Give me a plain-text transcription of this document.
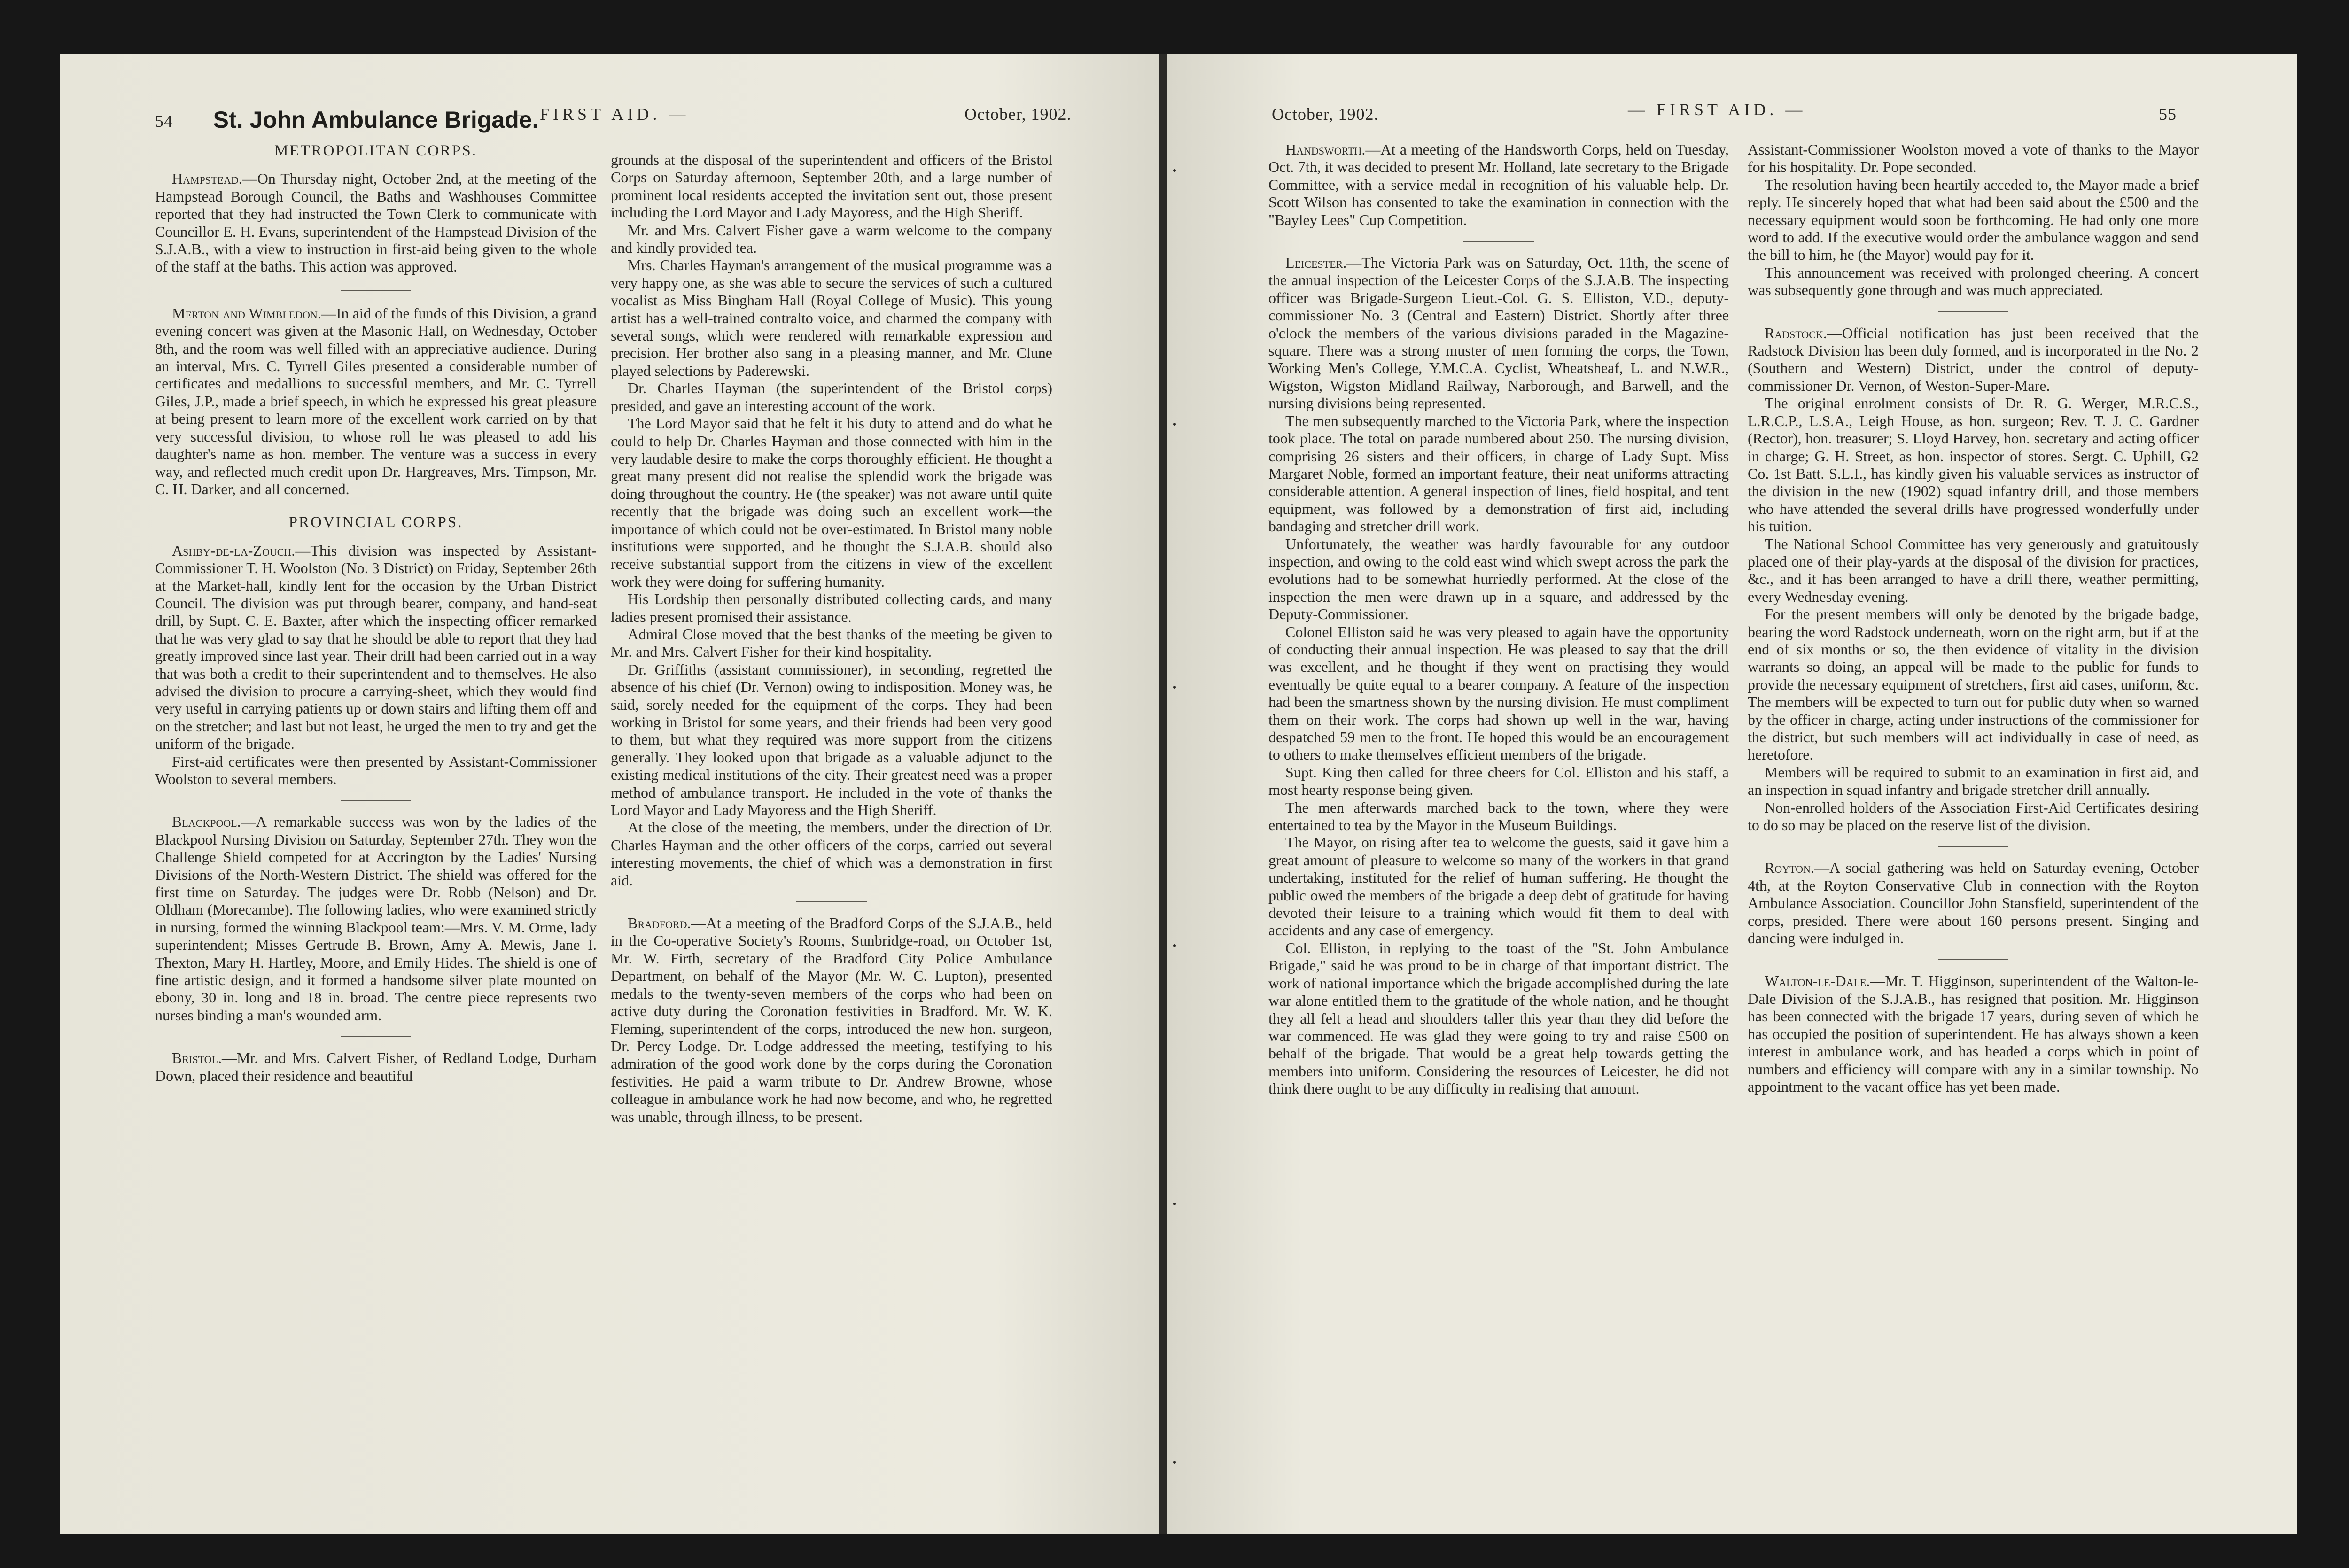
54	— FIRST AID. —	October, 1902.
St. John Ambulance Brigade.
METROPOLITAN CORPS.

Hampstead.—On Thursday night, October 2nd, at the meeting of the Hampstead Borough Council, the Baths and Washhouses Committee reported that they had instructed the Town Clerk to communicate with Councillor E. H. Evans, superintendent of the Hampstead Division of the S.J.A.B., with a view to instruction in first-aid being given to the whole of the staff at the baths. This action was approved.

Merton and Wimbledon.—In aid of the funds of this Division, a grand evening concert was given at the Masonic Hall, on Wednesday, October 8th, and the room was well filled with an appreciative audience. During an interval, Mrs. C. Tyrrell Giles presented a considerable number of certificates and medallions to successful members, and Mr. C. Tyrrell Giles, J.P., made a brief speech, in which he expressed his great pleasure at being present to learn more of the excellent work carried on by that very successful division, to whose roll he was pleased to add his daughter's name as hon. member. The venture was a success in every way, and reflected much credit upon Dr. Hargreaves, Mrs. Timpson, Mr. C. H. Darker, and all concerned.

PROVINCIAL CORPS.

Ashby-de-la-Zouch.—This division was inspected by Assistant-Commissioner T. H. Woolston (No. 3 District) on Friday, September 26th at the Market-hall, kindly lent for the occasion by the Urban District Council. The division was put through bearer, company, and hand-seat drill, by Supt. C. E. Baxter, after which the inspecting officer remarked that he was very glad to say that he should be able to report that they had greatly improved since last year. Their drill had been carried out in a way that was both a credit to their superintendent and to themselves. He also advised the division to procure a carrying-sheet, which they would find very useful in carrying patients up or down stairs and lifting them off and on the stretcher; and last but not least, he urged the men to try and get the uniform of the brigade.

First-aid certificates were then presented by Assistant-Commissioner Woolston to several members.

Blackpool.—A remarkable success was won by the ladies of the Blackpool Nursing Division on Saturday, September 27th. They won the Challenge Shield competed for at Accrington by the Ladies' Nursing Divisions of the North-Western District. The shield was offered for the first time on Saturday. The judges were Dr. Robb (Nelson) and Dr. Oldham (Morecambe). The following ladies, who were examined strictly in nursing, formed the winning Blackpool team:—Mrs. V. M. Orme, lady superintendent; Misses Gertrude B. Brown, Amy A. Mewis, Jane I. Thexton, Mary H. Hartley, Moore, and Emily Hides. The shield is one of fine artistic design, and it formed a handsome silver plate mounted on ebony, 30 in. long and 18 in. broad. The centre piece represents two nurses binding a man's wounded arm.

Bristol.—Mr. and Mrs. Calvert Fisher, of Redland Lodge, Durham Down, placed their residence and beautiful

grounds at the disposal of the superintendent and officers of the Bristol Corps on Saturday afternoon, September 20th, and a large number of prominent local residents accepted the invitation sent out, those present including the Lord Mayor and Lady Mayoress, and the High Sheriff.

Mr. and Mrs. Calvert Fisher gave a warm welcome to the company and kindly provided tea.

Mrs. Charles Hayman's arrangement of the musical programme was a very happy one, as she was able to secure the services of such a cultured vocalist as Miss Bingham Hall (Royal College of Music). This young artist has a well-trained contralto voice, and charmed the company with several songs, which were rendered with remarkable expression and precision. Her brother also sang in a pleasing manner, and Mr. Clune played selections by Paderewski.

Dr. Charles Hayman (the superintendent of the Bristol corps) presided, and gave an interesting account of the work.

The Lord Mayor said that he felt it his duty to attend and do what he could to help Dr. Charles Hayman and those connected with him in the very laudable desire to make the corps thoroughly efficient. He thought a great many present did not realise the splendid work the brigade was doing throughout the country. He (the speaker) was not aware until quite recently that the brigade was doing such an excellent work—the importance of which could not be over-estimated. In Bristol many noble institutions were supported, and he thought the S.J.A.B. should also receive substantial support from the citizens in view of the excellent work they were doing for suffering humanity.

His Lordship then personally distributed collecting cards, and many ladies present promised their assistance.

Admiral Close moved that the best thanks of the meeting be given to Mr. and Mrs. Calvert Fisher for their kind hospitality.

Dr. Griffiths (assistant commissioner), in seconding, regretted the absence of his chief (Dr. Vernon) owing to indisposition. Money was, he said, sorely needed for the equipment of the corps. They had been working in Bristol for some years, and their friends had been very good to them, but what they required was more support from the citizens generally. They looked upon that brigade as a valuable adjunct to the existing medical institutions of the city. Their greatest need was a proper method of ambulance transport. He included in the vote of thanks the Lord Mayor and Lady Mayoress and the High Sheriff.

At the close of the meeting, the members, under the direction of Dr. Charles Hayman and the other officers of the corps, carried out several interesting movements, the chief of which was a demonstration in first aid.

Bradford.—At a meeting of the Bradford Corps of the S.J.A.B., held in the Co-operative Society's Rooms, Sunbridge-road, on October 1st, Mr. W. Firth, secretary of the Bradford City Police Ambulance Department, on behalf of the Mayor (Mr. W. C. Lupton), presented medals to the twenty-seven members of the corps who had been on active duty during the Coronation festivities in Bradford. Mr. W. K. Fleming, superintendent of the corps, introduced the new hon. surgeon, Dr. Percy Lodge. Dr. Lodge addressed the meeting, testifying to his admiration of the good work done by the corps during the Coronation festivities. He paid a warm tribute to Dr. Andrew Browne, whose colleague in ambulance work he had now become, and who, he regretted was unable, through illness, to be present.

October, 1902.	— FIRST AID. —	55

Handsworth.—At a meeting of the Handsworth Corps, held on Tuesday, Oct. 7th, it was decided to present Mr. Holland, late secretary to the Brigade Committee, with a service medal in recognition of his valuable help. Dr. Scott Wilson has consented to take the examination in connection with the "Bayley Lees" Cup Competition.

Leicester.—The Victoria Park was on Saturday, Oct. 11th, the scene of the annual inspection of the Leicester Corps of the S.J.A.B. The inspecting officer was Brigade-Surgeon Lieut.-Col. G. S. Elliston, V.D., deputy-commissioner No. 3 (Central and Eastern) District. Shortly after three o'clock the members of the various divisions paraded in the Magazine-square. There was a strong muster of men forming the corps, the Town, Working Men's College, Y.M.C.A. Cyclist, Wheatsheaf, L. and N.W.R., Wigston, Wigston Midland Railway, Narborough, and Barwell, and the nursing divisions being represented.

The men subsequently marched to the Victoria Park, where the inspection took place. The total on parade numbered about 250. The nursing division, comprising 26 sisters and their officers, in charge of Lady Supt. Miss Margaret Noble, formed an important feature, their neat uniforms attracting considerable attention. A general inspection of lines, field hospital, and tent equipment, was followed by a demonstration of first aid, including bandaging and stretcher drill work.

Unfortunately, the weather was hardly favourable for any outdoor inspection, and owing to the cold east wind which swept across the park the evolutions had to be somewhat hurriedly performed. At the close of the inspection the men were drawn up in a square, and addressed by the Deputy-Commissioner.

Colonel Elliston said he was very pleased to again have the opportunity of conducting their annual inspection. He was pleased to say that the drill was excellent, and he thought if they went on practising they would eventually be quite equal to a bearer company. A feature of the inspection had been the smartness shown by the nursing division. He must compliment them on their work. The corps had shown up well in the war, having despatched 59 men to the front. He hoped this would be an encouragement to others to make themselves efficient members of the brigade.

Supt. King then called for three cheers for Col. Elliston and his staff, a most hearty response being given.

The men afterwards marched back to the town, where they were entertained to tea by the Mayor in the Museum Buildings.

The Mayor, on rising after tea to welcome the guests, said it gave him a great amount of pleasure to welcome so many of the workers in that grand undertaking, instituted for the relief of human suffering. He thought the public owed the members of the brigade a deep debt of gratitude for having devoted their leisure to a training which would fit them to deal with accidents and any case of emergency.

Col. Elliston, in replying to the toast of the "St. John Ambulance Brigade," said he was proud to be in charge of that important district. The work of national importance which the brigade accomplished during the late war alone entitled them to the gratitude of the whole nation, and he thought they all felt a head and shoulders taller this year than they did before the war commenced. He was glad they were going to try and raise £500 on behalf of the brigade. That would be a great help towards getting the members into uniform. Considering the resources of Leicester, he did not think there ought to be any difficulty in realising that amount.

Assistant-Commissioner Woolston moved a vote of thanks to the Mayor for his hospitality. Dr. Pope seconded.

The resolution having been heartily acceded to, the Mayor made a brief reply. He sincerely hoped that what had been said about the £500 and the necessary equipment would soon be forthcoming. He had only one more word to add. If the executive would order the ambulance waggon and send the bill to him, he (the Mayor) would pay for it.

This announcement was received with prolonged cheering. A concert was subsequently gone through and was much appreciated.

Radstock.—Official notification has just been received that the Radstock Division has been duly formed, and is incorporated in the No. 2 (Southern and Western) District, under the control of deputy-commissioner Dr. Vernon, of Weston-Super-Mare.

The original enrolment consists of Dr. R. G. Werger, M.R.C.S., L.R.C.P., L.S.A., Leigh House, as hon. surgeon; Rev. T. J. C. Gardner (Rector), hon. treasurer; S. Lloyd Harvey, hon. secretary and acting officer in charge; G. H. Street, as hon. inspector of stores. Sergt. C. Uphill, G2 Co. 1st Batt. S.L.I., has kindly given his valuable services as instructor of the division in the new (1902) squad infantry drill, and those members who have attended the several drills have progressed wonderfully under his tuition.

The National School Committee has very generously and gratuitously placed one of their play-yards at the disposal of the division for practices, &c., and it has been arranged to have a drill there, weather permitting, every Wednesday evening.

For the present members will only be denoted by the brigade badge, bearing the word Radstock underneath, worn on the right arm, but if at the end of six months or so, the then evidence of vitality in the division warrants so doing, an appeal will be made to the public for funds to provide the necessary equipment of stretchers, first aid cases, uniform, &c. The members will be expected to turn out for public duty when so warned by the officer in charge, acting under instructions of the commissioner for the district, but such members will act individually in case of need, as heretofore.

Members will be required to submit to an examination in first aid, and an inspection in squad infantry and brigade stretcher drill annually.

Non-enrolled holders of the Association First-Aid Certificates desiring to do so may be placed on the reserve list of the division.

Royton.—A social gathering was held on Saturday evening, October 4th, at the Royton Conservative Club in connection with the Royton Ambulance Association. Councillor John Stansfield, superintendent of the corps, presided. There were about 160 persons present. Singing and dancing were indulged in.

Walton-le-Dale.—Mr. T. Higginson, superintendent of the Walton-le-Dale Division of the S.J.A.B., has resigned that position. Mr. Higginson has been connected with the brigade 17 years, during seven of which he has occupied the position of superintendent. He has always shown a keen interest in ambulance work, and has headed a corps which in point of numbers and efficiency will compare with any in a similar township. No appointment to the vacant office has yet been made.
